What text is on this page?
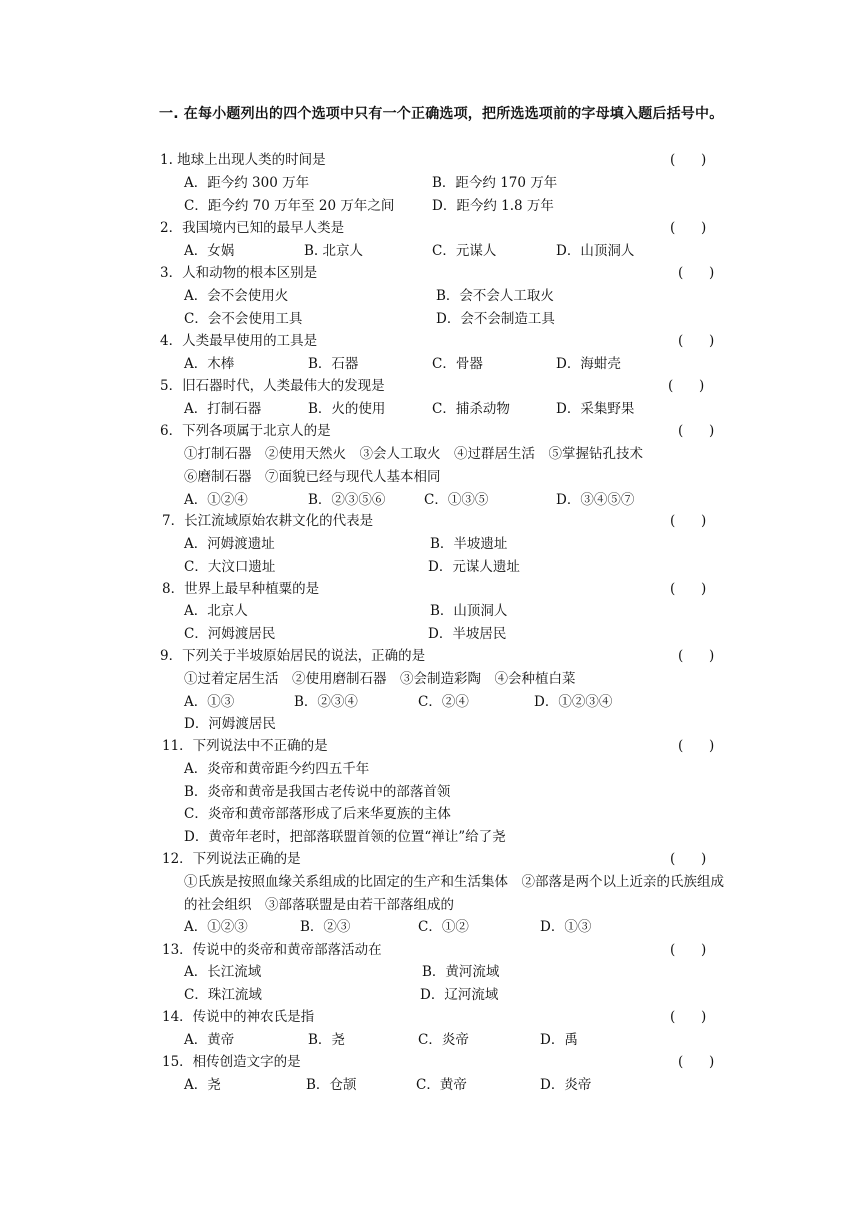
一. 在每小题列出的四个选项中只有一个正确选项，把所选选项前的字母填入题后括号中。
1. 地球上出现人类的时间是	(      )
A．距今约 300 万年	B．距今约 170 万年
C．距今约 70 万年至 20 万年之间	D．距今约 1.8 万年
2．我国境内已知的最早人类是	(      )
A．女娲	B. 北京人	C．元谋人	D．山顶洞人
3．人和动物的根本区别是	(      )
A．会不会使用火	B．会不会人工取火
C．会不会使用工具	D．会不会制造工具
4．人类最早使用的工具是	(      )
A．木棒	B．石器	C．骨器	D．海蚶壳
5．旧石器时代，人类最伟大的发现是	(      )
A．打制石器	B．火的使用	C．捕杀动物	D．采集野果
6．下列各项属于北京人的是	(      )
①打制石器　②使用天然火　③会人工取火　④过群居生活　⑤掌握钻孔技术
⑥磨制石器　⑦面貌已经与现代人基本相同
A．①②④	B．②③⑤⑥	C．①③⑤	D．③④⑤⑦
7．长江流域原始农耕文化的代表是	(      )
A．河姆渡遗址	B．半坡遗址
C．大汶口遗址	D．元谋人遗址
8．世界上最早种植粟的是	(      )
A．北京人	B．山顶洞人
C．河姆渡居民	D．半坡居民
9．下列关于半坡原始居民的说法，正确的是	(      )
①过着定居生活　②使用磨制石器　③会制造彩陶　④会种植白菜
A．①③	B．②③④	C．②④	D．①②③④
D．河姆渡居民
11．下列说法中不正确的是	(      )
A．炎帝和黄帝距今约四五千年
B．炎帝和黄帝是我国古老传说中的部落首领
C．炎帝和黄帝部落形成了后来华夏族的主体
D．黄帝年老时，把部落联盟首领的位置“禅让”给了尧
12．下列说法正确的是	(      )
①氏族是按照血缘关系组成的比固定的生产和生活集体　②部落是两个以上近亲的氏族组成的社会组织　③部落联盟是由若干部落组成的
A．①②③	B．②③	C．①②	D．①③
13．传说中的炎帝和黄帝部落活动在	(      )
A．长江流域	B．黄河流域
C．珠江流域	D．辽河流域
14．传说中的神农氏是指	(      )
A．黄帝	B．尧	C．炎帝	D．禹
15．相传创造文字的是	(      )
A．尧	B．仓颉	C．黄帝	D．炎帝
